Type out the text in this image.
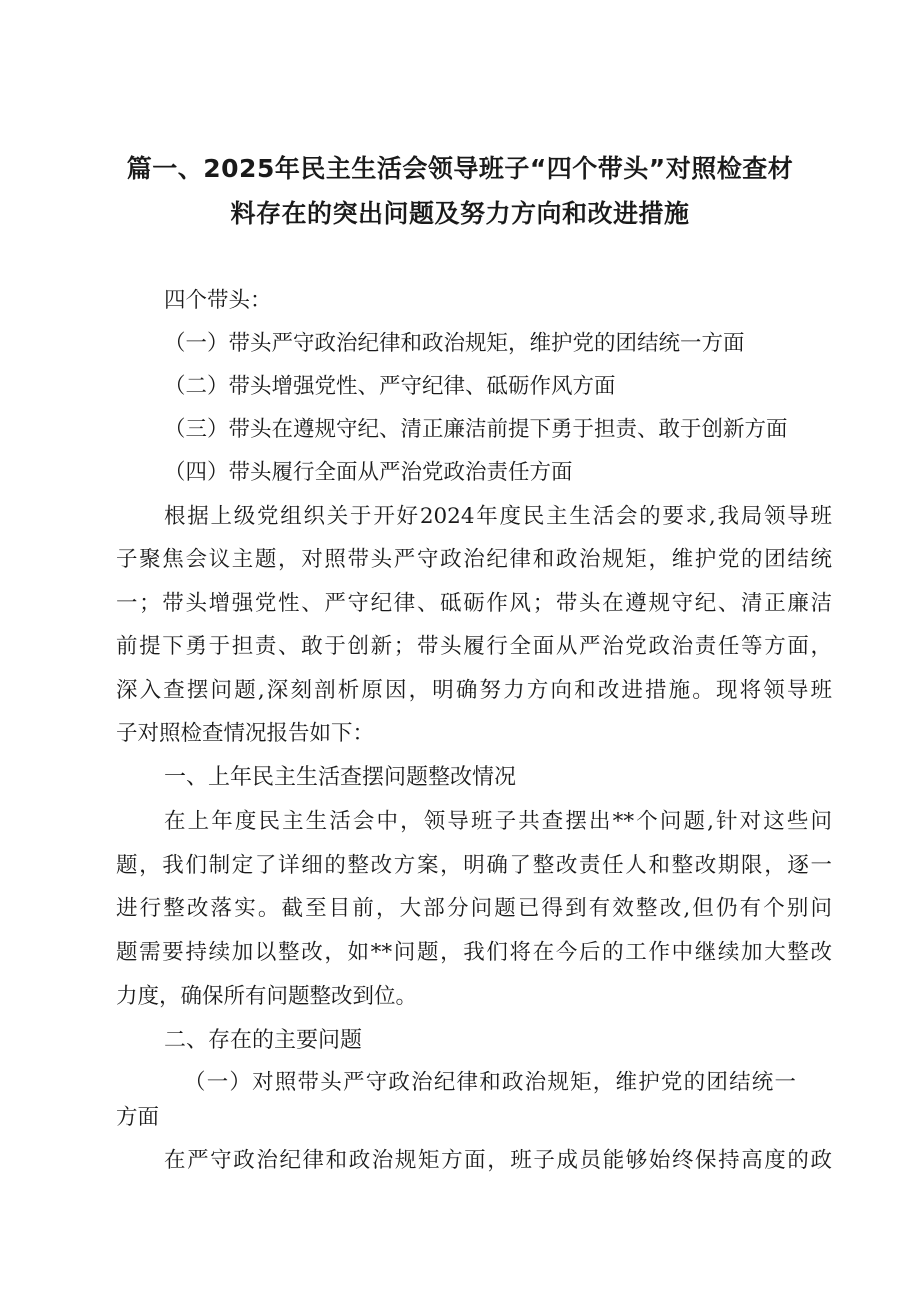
篇一、2025年民主生活会领导班子“四个带头”对照检查材
料存在的突出问题及努力方向和改进措施
四个带头：
（一）带头严守政治纪律和政治规矩，维护党的团结统一方面
（二）带头增强党性、严守纪律、砥砺作风方面
（三）带头在遵规守纪、清正廉洁前提下勇于担责、敢于创新方面
（四）带头履行全面从严治党政治责任方面
根据上级党组织关于开好2024年度民主生活会的要求,我局领导班
子聚焦会议主题，对照带头严守政治纪律和政治规矩，维护党的团结统
一；带头增强党性、严守纪律、砥砺作风；带头在遵规守纪、清正廉洁
前提下勇于担责、敢于创新；带头履行全面从严治党政治责任等方面，
深入查摆问题,深刻剖析原因，明确努力方向和改进措施。现将领导班
子对照检查情况报告如下：
一、上年民主生活查摆问题整改情况
在上年度民主生活会中，领导班子共查摆出**个问题,针对这些问
题，我们制定了详细的整改方案，明确了整改责任人和整改期限，逐一
进行整改落实。截至目前，大部分问题已得到有效整改,但仍有个别问
题需要持续加以整改，如**问题，我们将在今后的工作中继续加大整改
力度，确保所有问题整改到位。
二、存在的主要问题
（一）对照带头严守政治纪律和政治规矩，维护党的团结统一
方面
在严守政治纪律和政治规矩方面，班子成员能够始终保持高度的政
